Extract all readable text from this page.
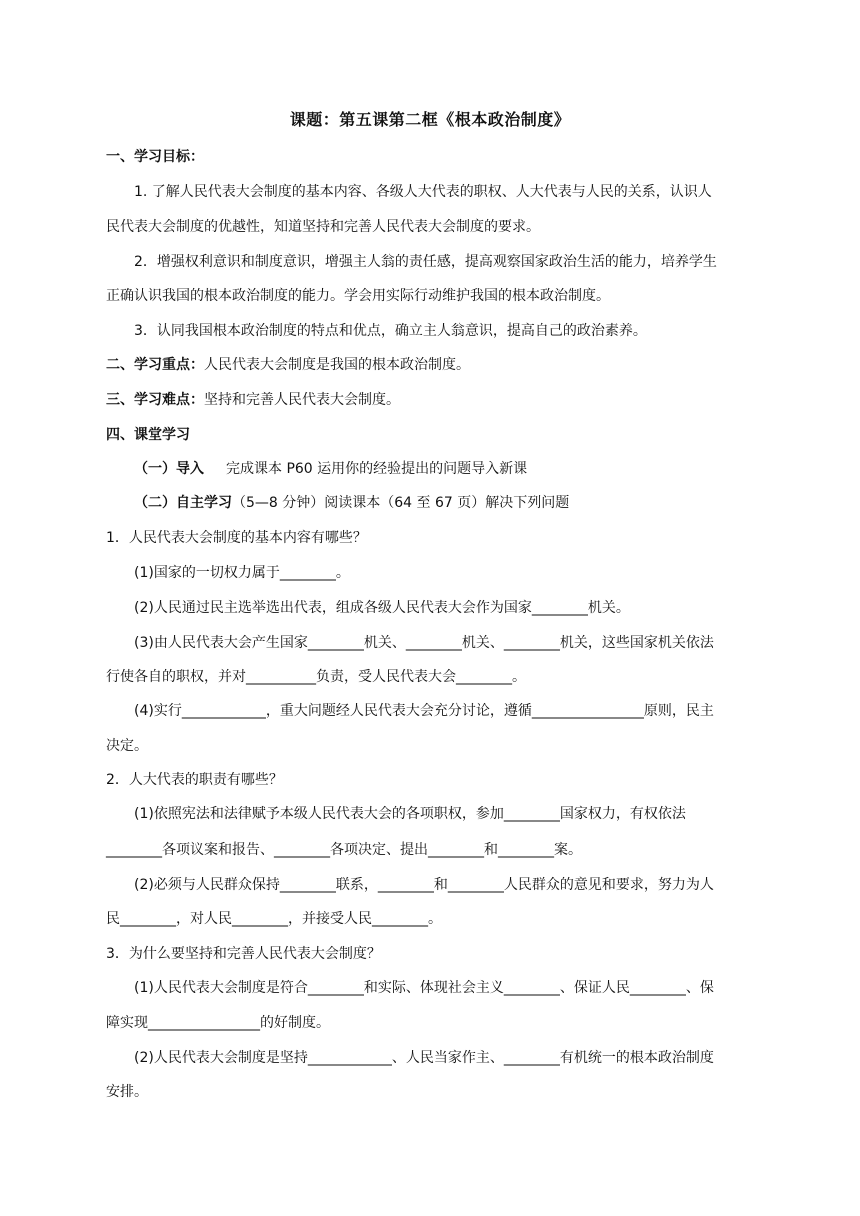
课题：第五课第二框《根本政治制度》
一、学习目标：
1. 了解人民代表大会制度的基本内容、各级人大代表的职权、人大代表与人民的关系，认识人
民代表大会制度的优越性，知道坚持和完善人民代表大会制度的要求。
2．增强权利意识和制度意识，增强主人翁的责任感，提高观察国家政治生活的能力，培养学生
正确认识我国的根本政治制度的能力。学会用实际行动维护我国的根本政治制度。
3．认同我国根本政治制度的特点和优点，确立主人翁意识，提高自己的政治素养。
二、学习重点：人民代表大会制度是我国的根本政治制度。
三、学习难点：坚持和完善人民代表大会制度。
四、课堂学习
（一）导入 完成课本 P60 运用你的经验提出的问题导入新课
（二）自主学习（5—8 分钟）阅读课本（64 至 67 页）解决下列问题
1．人民代表大会制度的基本内容有哪些？
(1)国家的一切权力属于________。
(2)人民通过民主选举选出代表，组成各级人民代表大会作为国家________机关。
(3)由人民代表大会产生国家________机关、________机关、________机关，这些国家机关依法
行使各自的职权，并对__________负责，受人民代表大会________。
(4)实行____________，重大问题经人民代表大会充分讨论，遵循________________原则，民主
决定。
2．人大代表的职责有哪些？
(1)依照宪法和法律赋予本级人民代表大会的各项职权，参加________国家权力，有权依法
________各项议案和报告、________各项决定、提出________和________案。
(2)必须与人民群众保持________联系，________和________人民群众的意见和要求，努力为人
民________，对人民________，并接受人民________。
3．为什么要坚持和完善人民代表大会制度？
(1)人民代表大会制度是符合________和实际、体现社会主义________、保证人民________、保
障实现________________的好制度。
(2)人民代表大会制度是坚持____________、人民当家作主、________有机统一的根本政治制度
安排。
